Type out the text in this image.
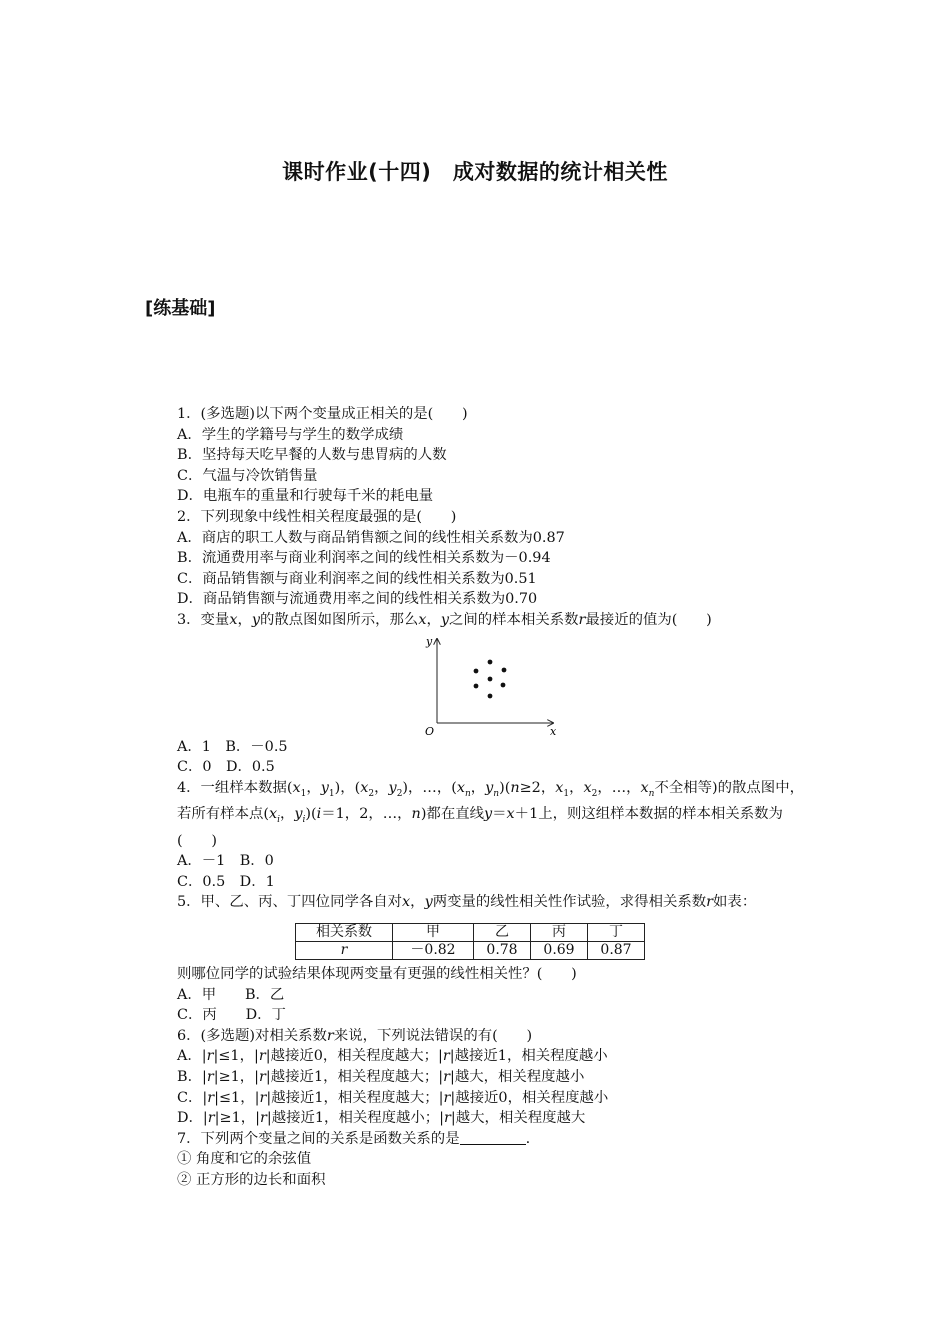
课时作业(十四)　成对数据的统计相关性
[练基础]

1．(多选题)以下两个变量成正相关的是(　　)

A．学生的学籍号与学生的数学成绩

B．坚持每天吃早餐的人数与患胃病的人数

C．气温与冷饮销售量

D．电瓶车的重量和行驶每千米的耗电量

2．下列现象中线性相关程度最强的是(　　)

A．商店的职工人数与商品销售额之间的线性相关系数为0.87

B．流通费用率与商业利润率之间的线性相关系数为－0.94

C．商品销售额与商业利润率之间的线性相关系数为0.51

D．商品销售额与流通费用率之间的线性相关系数为0.70

3．变量x，y的散点图如图所示，那么x，y之间的样本相关系数r最接近的值为(　　)

y
x
O

A．1　B．－0.5

C．0　D．0.5

4．一组样本数据($x_1$，$y_1$)，($x_2$，$y_2$)，…，($x_n$，$y_n)(n\ge 2$，$x_1$，$x_2$，…，$x_n$不全相等)的散点图中，若所有样本点($x_i$，$y_i)(i=1$，2，…，n)都在直线y＝x＋1上，则这组样本数据的样本相关系数为(　　)

A．－1　B．0

C．0.5　D．1

5．甲、乙、丙、丁四位同学各自对x，y两变量的线性相关性作试验，求得相关系数r如表：

相关系数	甲	乙	丙	丁
r	－0.82	0.78	0.69	0.87

则哪位同学的试验结果体现两变量有更强的线性相关性？(　　)

A．甲　　B．乙

C．丙　　D．丁

6．(多选题)对相关系数r来说，下列说法错误的有(　　)

A．|r|≤1，|r|越接近0，相关程度越大；|r|越接近1，相关程度越小

B．|r|≥1，|r|越接近1，相关程度越大；|r|越大，相关程度越小

C．|r|≤1，|r|越接近1，相关程度越大；|r|越接近0，相关程度越小

D．|r|≥1，|r|越接近1，相关程度越小；|r|越大，相关程度越大

7．下列两个变量之间的关系是函数关系的是	.

① 角度和它的余弦值

② 正方形的边长和面积
